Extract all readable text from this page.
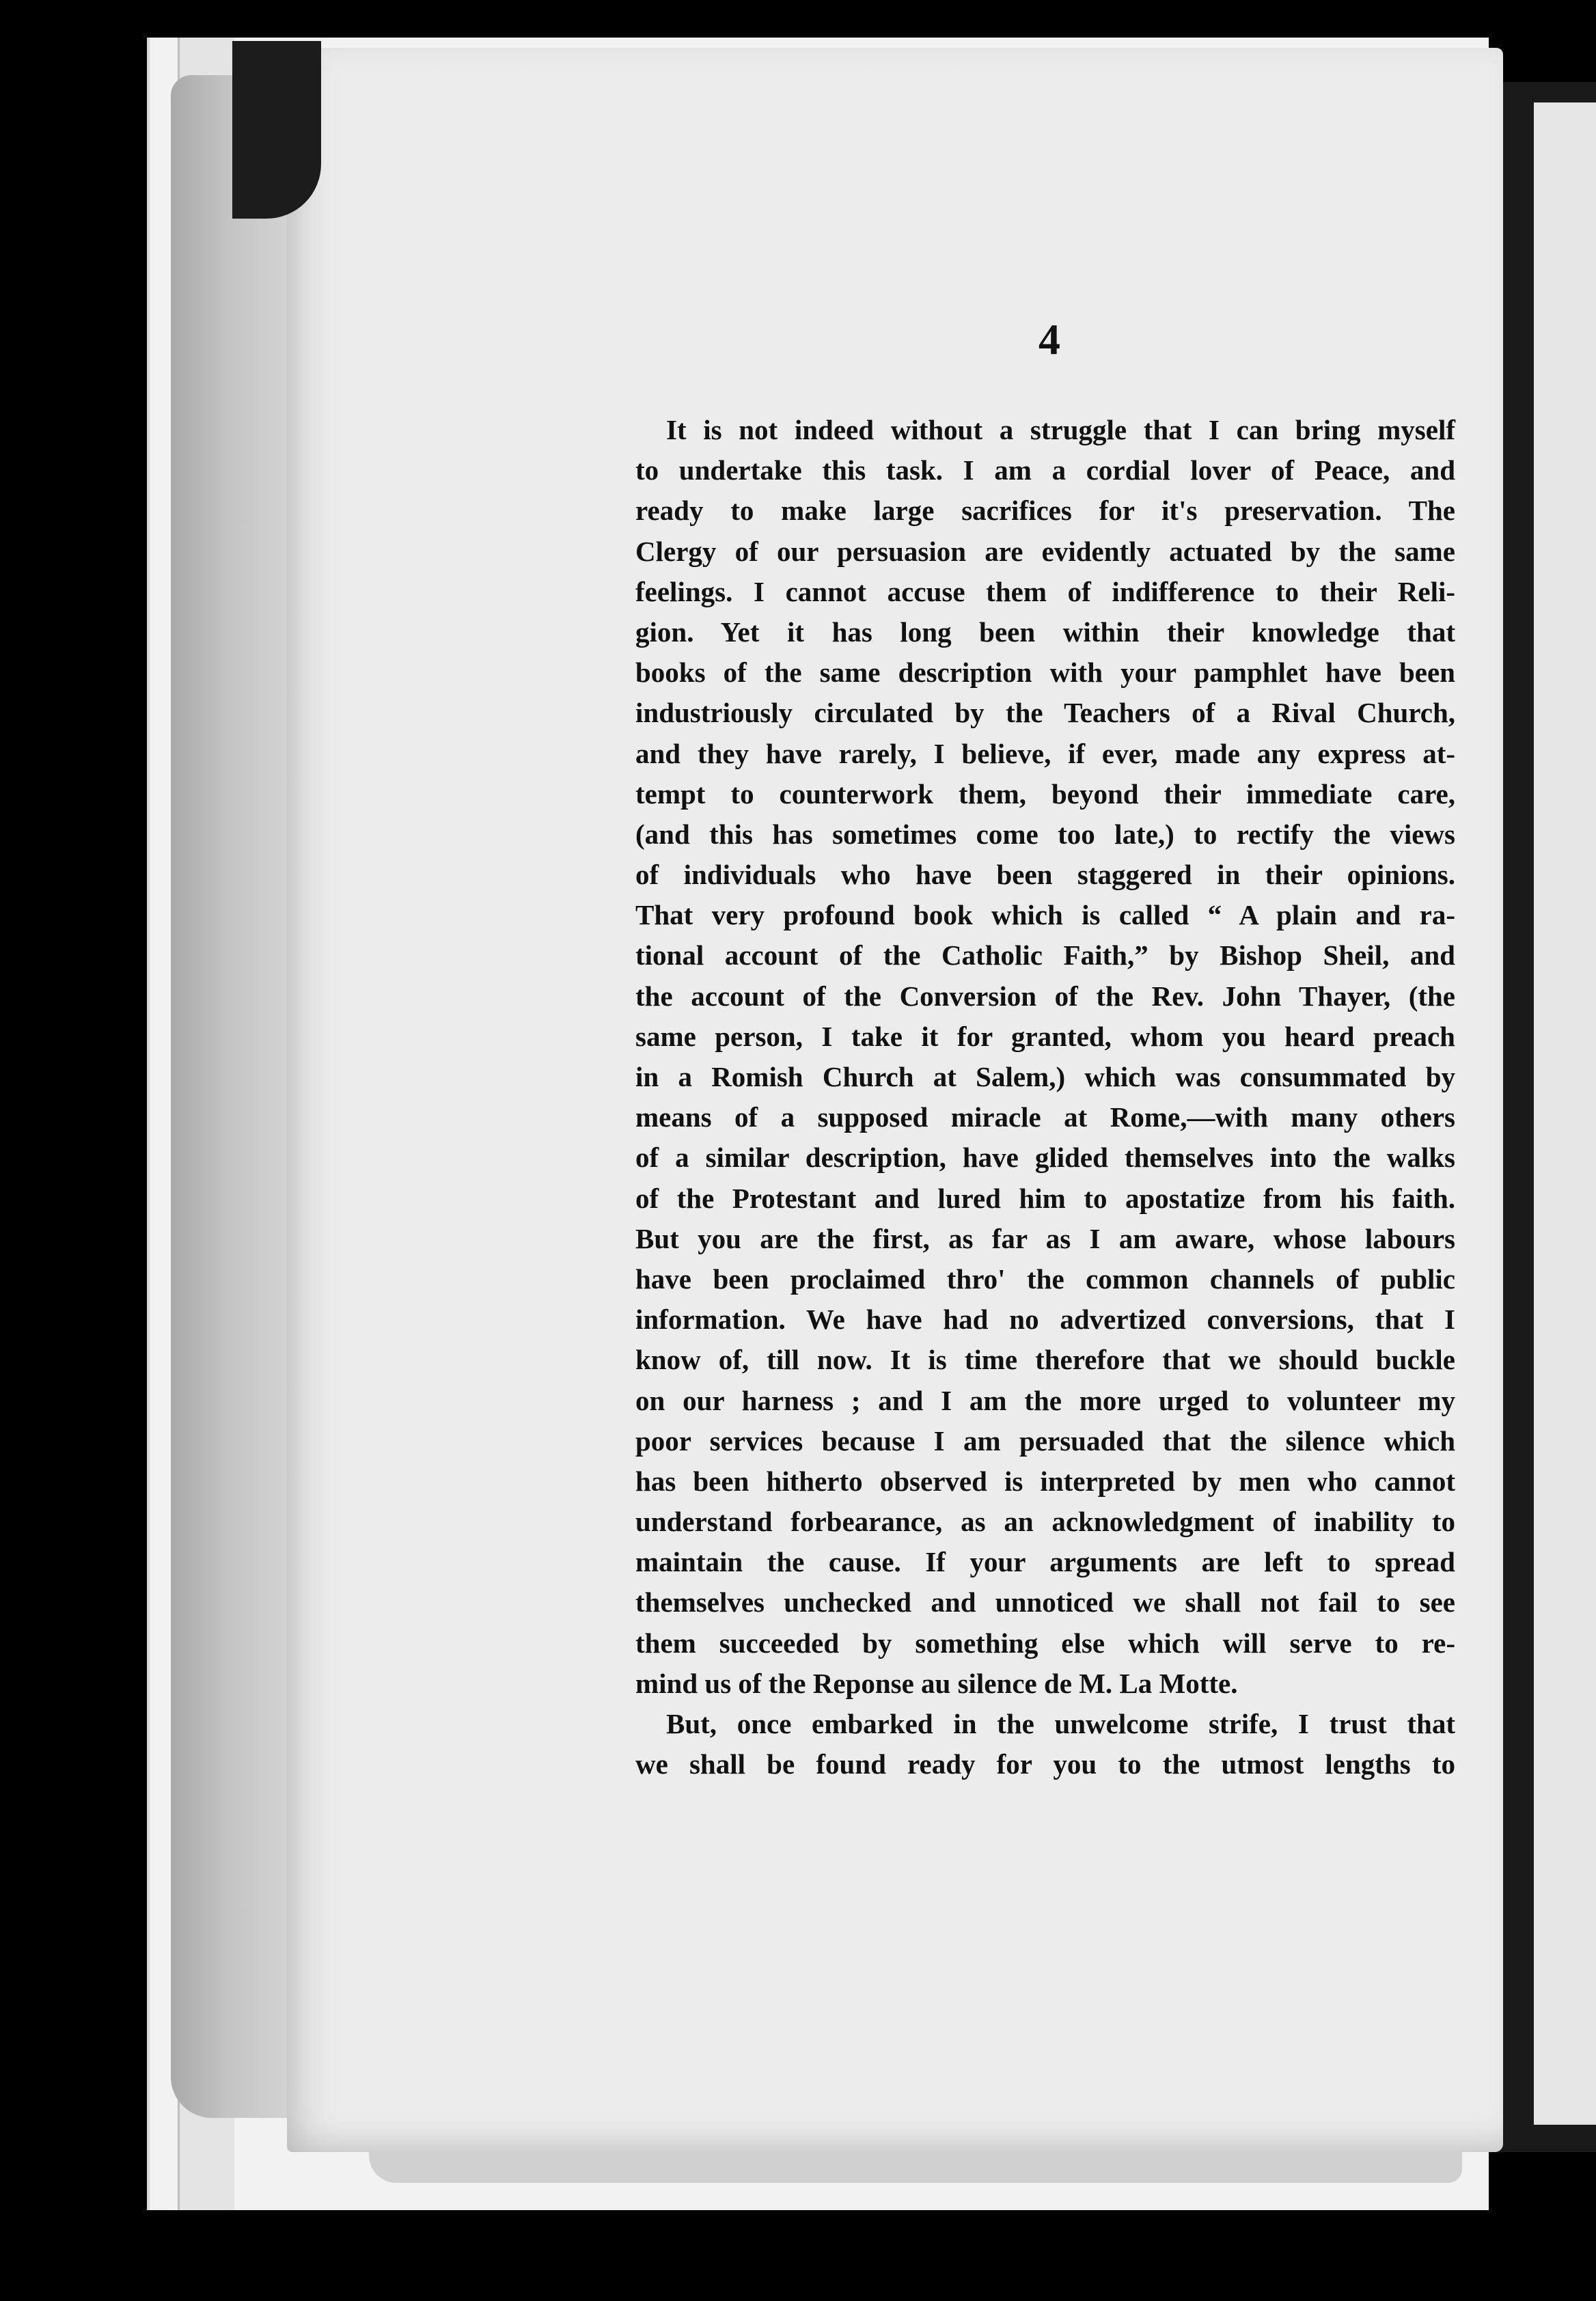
4
It is not indeed without a struggle that I can bring myself
to undertake this task. I am a cordial lover of Peace, and
ready to make large sacrifices for it's preservation. The
Clergy of our persuasion are evidently actuated by the same
feelings. I cannot accuse them of indifference to their Reli-
gion. Yet it has long been within their knowledge that
books of the same description with your pamphlet have been
industriously circulated by the Teachers of a Rival Church,
and they have rarely, I believe, if ever, made any express at-
tempt to counterwork them, beyond their immediate care,
(and this has sometimes come too late,) to rectify the views
of individuals who have been staggered in their opinions.
That very profound book which is called “ A plain and ra-
tional account of the Catholic Faith,” by Bishop Sheil, and
the account of the Conversion of the Rev. John Thayer, (the
same person, I take it for granted, whom you heard preach
in a Romish Church at Salem,) which was consummated by
means of a supposed miracle at Rome,—with many others
of a similar description, have glided themselves into the walks
of the Protestant and lured him to apostatize from his faith.
But you are the first, as far as I am aware, whose labours
have been proclaimed thro' the common channels of public
information. We have had no advertized conversions, that I
know of, till now. It is time therefore that we should buckle
on our harness ; and I am the more urged to volunteer my
poor services because I am persuaded that the silence which
has been hitherto observed is interpreted by men who cannot
understand forbearance, as an acknowledgment of inability to
maintain the cause. If your arguments are left to spread
themselves unchecked and unnoticed we shall not fail to see
them succeeded by something else which will serve to re-
mind us of the Reponse au silence de M. La Motte.
But, once embarked in the unwelcome strife, I trust that
we shall be found ready for you to the utmost lengths to
